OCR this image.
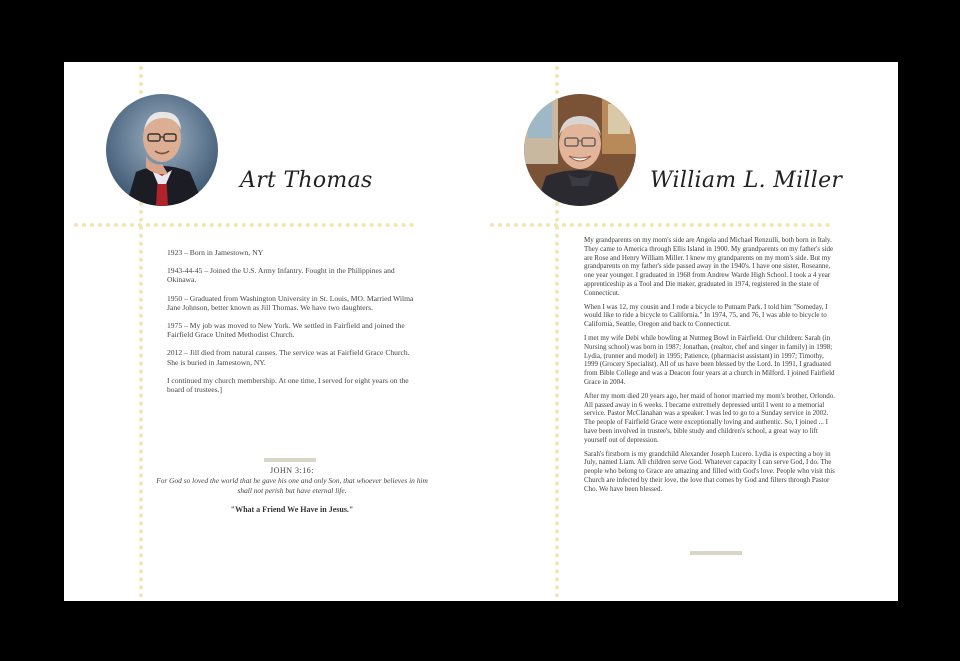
Art Thomas

1923 – Born in Jamestown, NY

1943-44-45 – Joined the U.S. Army Infantry. Fought in the Philippines and Okinawa.

1950 – Graduated from Washington University in St. Louis, MO. Married Wilma Jane Johnson, better known as Jill Thomas. We have two daughters.

1975 – My job was moved to New York. We settled in Fairfield and joined the Fairfield Grace United Methodist Church.

2012 – Jill died from natural causes. The service was at Fairfield Grace Church. She is buried in Jamestown, NY.

I continued my church membership. At one time, I served for eight years on the board of trustees.]

JOHN 3:16:
For God so loved the world that he gave his one and only Son, that whoever believes in him shall not perish but have eternal life.
"What a Friend We Have in Jesus."
William L. Miller

My grandparents on my mom's side are Angela and Michael Renzulli, both born in Italy. They came to America through Ellis Island in 1900. My grandparents on my father's side are Rose and Henry William Miller. I knew my grandparents on my mom's side. But my grandparents on my father's side passed away in the 1940's. I have one sister, Roseanne, one year younger. I graduated in 1968 from Andrew Warde High School. I took a 4 year apprenticeship as a Tool and Die maker, graduated in 1974, registered in the state of Connecticut.

When I was 12, my cousin and I rode a bicycle to Putnam Park. I told him "Someday, I would like to ride a bicycle to California." In 1974, 75, and 76, I was able to bicycle to California, Seattle, Oregon and back to Connecticut.

I met my wife Debi while bowling at Nutmeg Bowl in Fairfield. Our children: Sarah (in Nursing school) was born in 1987; Jonathan, (realtor, chef and singer in family) in 1998; Lydia, (runner and model) in 1995; Patience, (pharmacist assistant) in 1997; Timothy, 1999 (Grocery Specialist). All of us have been blessed by the Lord. In 1991, I graduated from Bible College and was a Deacon four years at a church in Milford. I joined Fairfield Grace in 2004.

After my mom died 20 years ago, her maid of honor married my mom's brother, Orlondo. All passed away in 6 weeks. I became extremely depressed until I went to a memorial service. Pastor McClanahan was a speaker. I was led to go to a Sunday service in 2002. The people of Fairfield Grace were exceptionally loving and authentic. So, I joined ... I have been involved in trustee's, bible study and children's school, a great way to lift yourself out of depression.

Sarah's firstborn is my grandchild Alexander Joseph Lucero. Lydia is expecting a boy in July, named Liam. All children serve God. Whatever capacity I can serve God, I do. The people who belong to Grace are amazing and filled with God's love. People who visit this Church are infected by their love, the love that comes by God and filters through Pastor Cho. We have been blessed.
